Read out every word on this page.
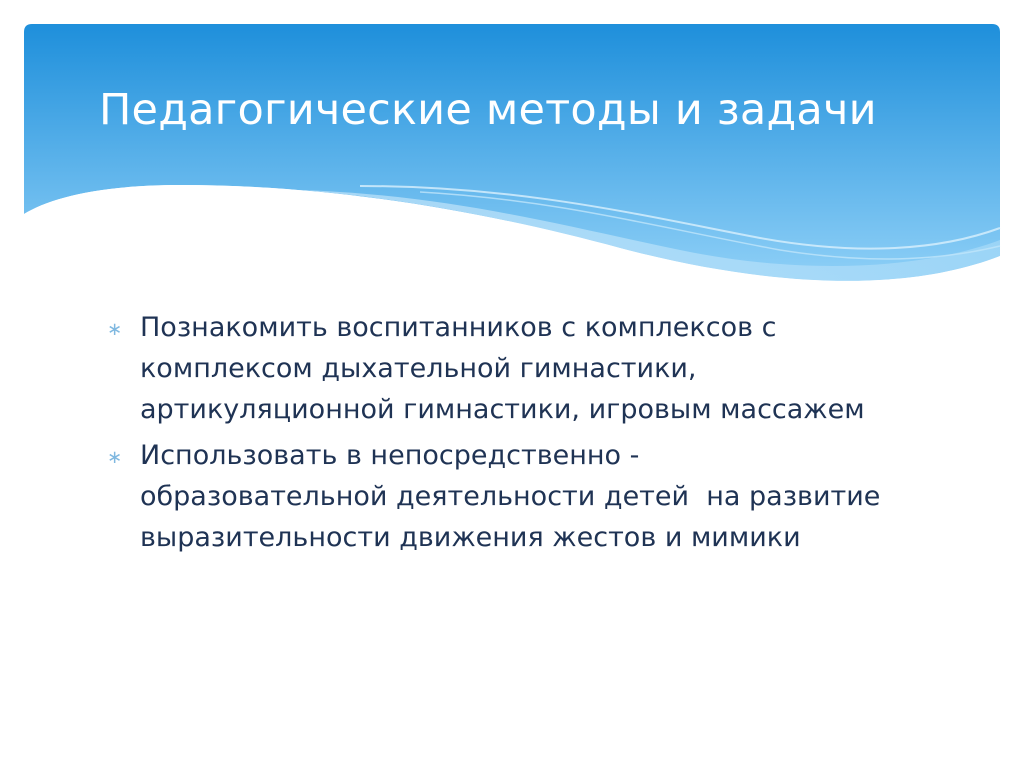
Педагогические методы и задачи
∗ Познакомить воспитанников с комплексов с
комплексом дыхательной гимнастики,
артикуляционной гимнастики, игровым массажем
∗ Использовать в непосредственно -
образовательной деятельности детей  на развитие
выразительности движения жестов и мимики
